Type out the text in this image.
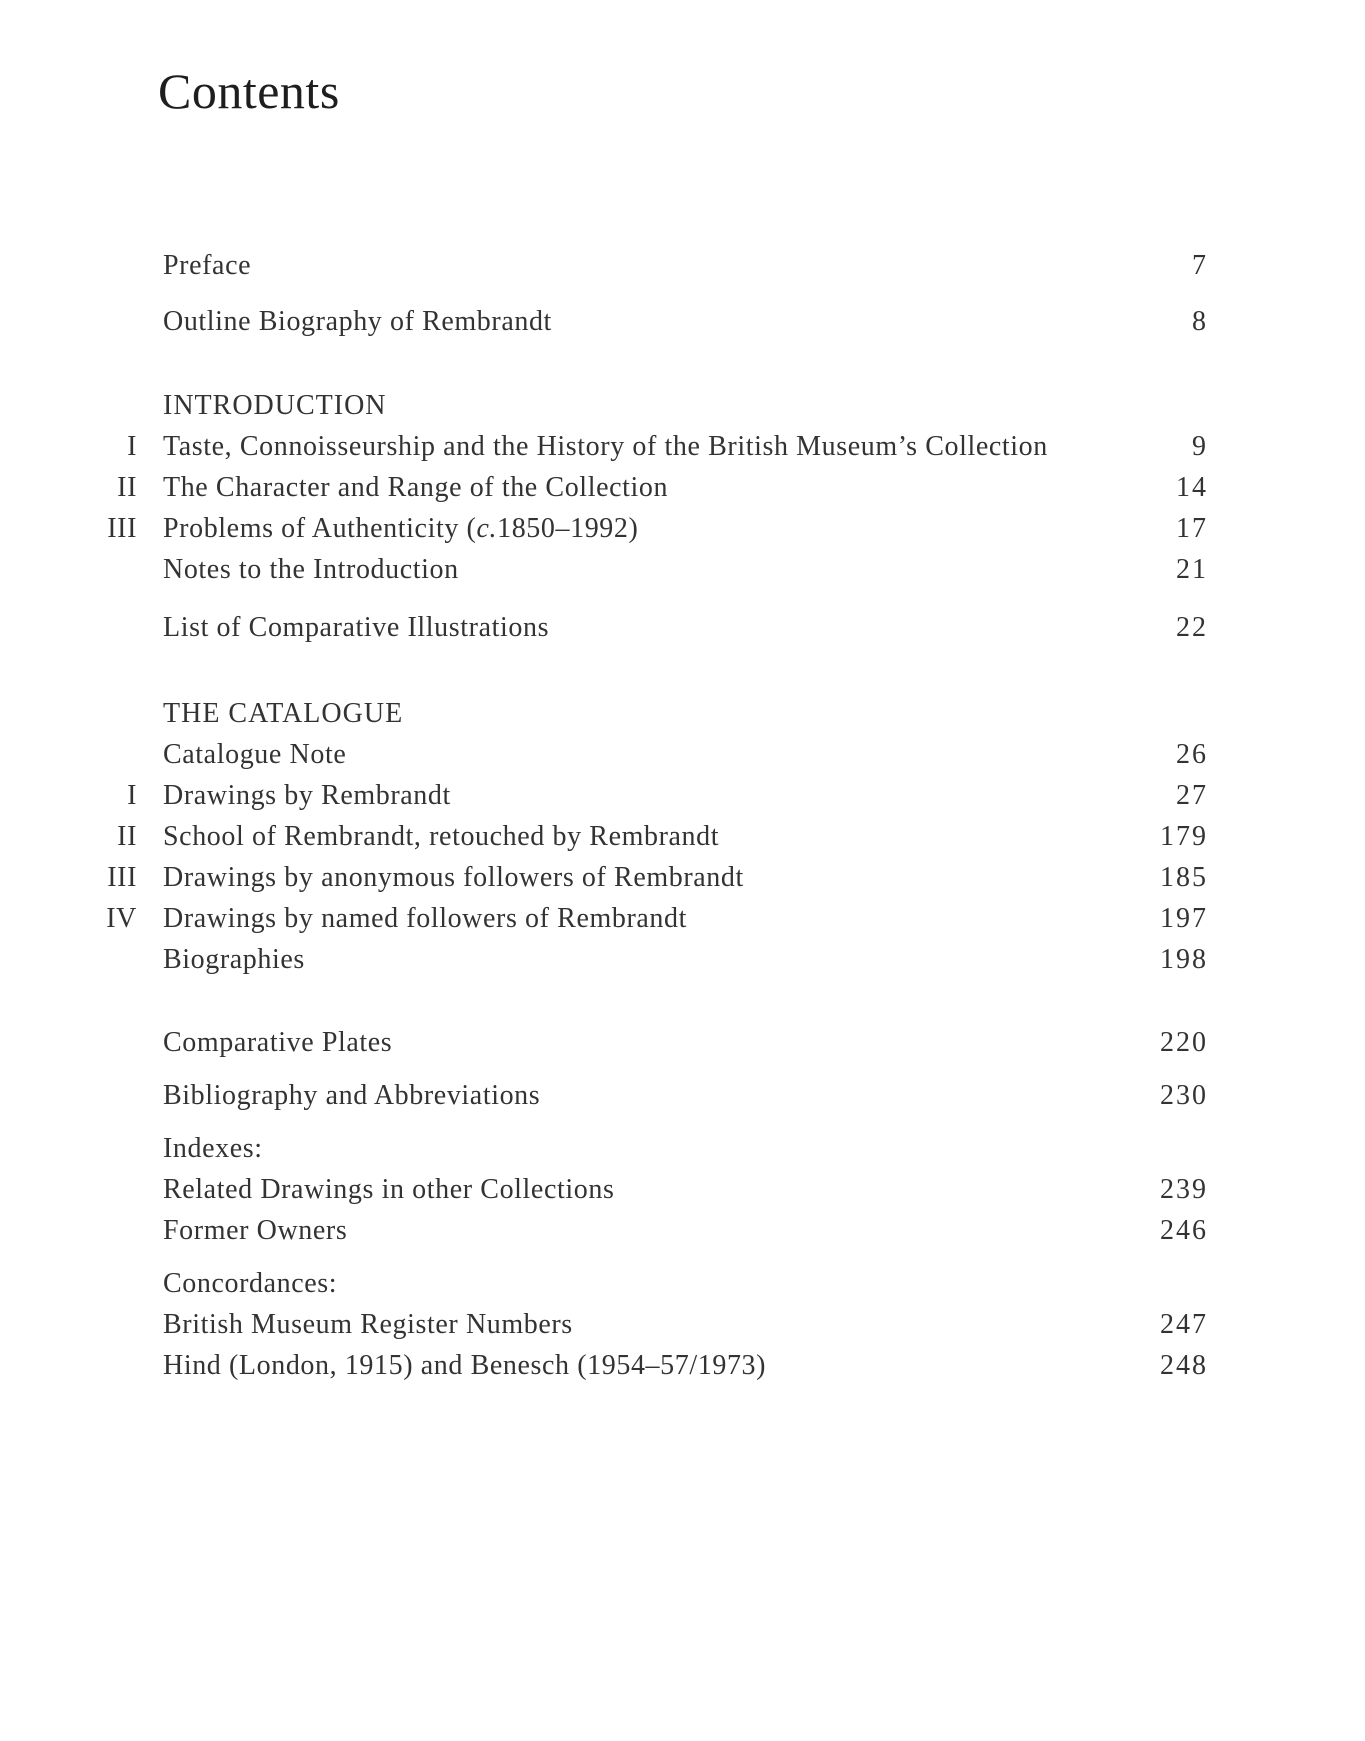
Contents
Preface	7
Outline Biography of Rembrandt	8
INTRODUCTION
I Taste, Connoisseurship and the History of the British Museum’s Collection	9
II The Character and Range of the Collection	14
III Problems of Authenticity (c.1850–1992)	17
Notes to the Introduction	21
List of Comparative Illustrations	22
THE CATALOGUE
Catalogue Note	26
I Drawings by Rembrandt	27
II School of Rembrandt, retouched by Rembrandt	179
III Drawings by anonymous followers of Rembrandt	185
IV Drawings by named followers of Rembrandt	197
Biographies	198
Comparative Plates	220
Bibliography and Abbreviations	230
Indexes:
Related Drawings in other Collections	239
Former Owners	246
Concordances:
British Museum Register Numbers	247
Hind (London, 1915) and Benesch (1954–57/1973)	248
